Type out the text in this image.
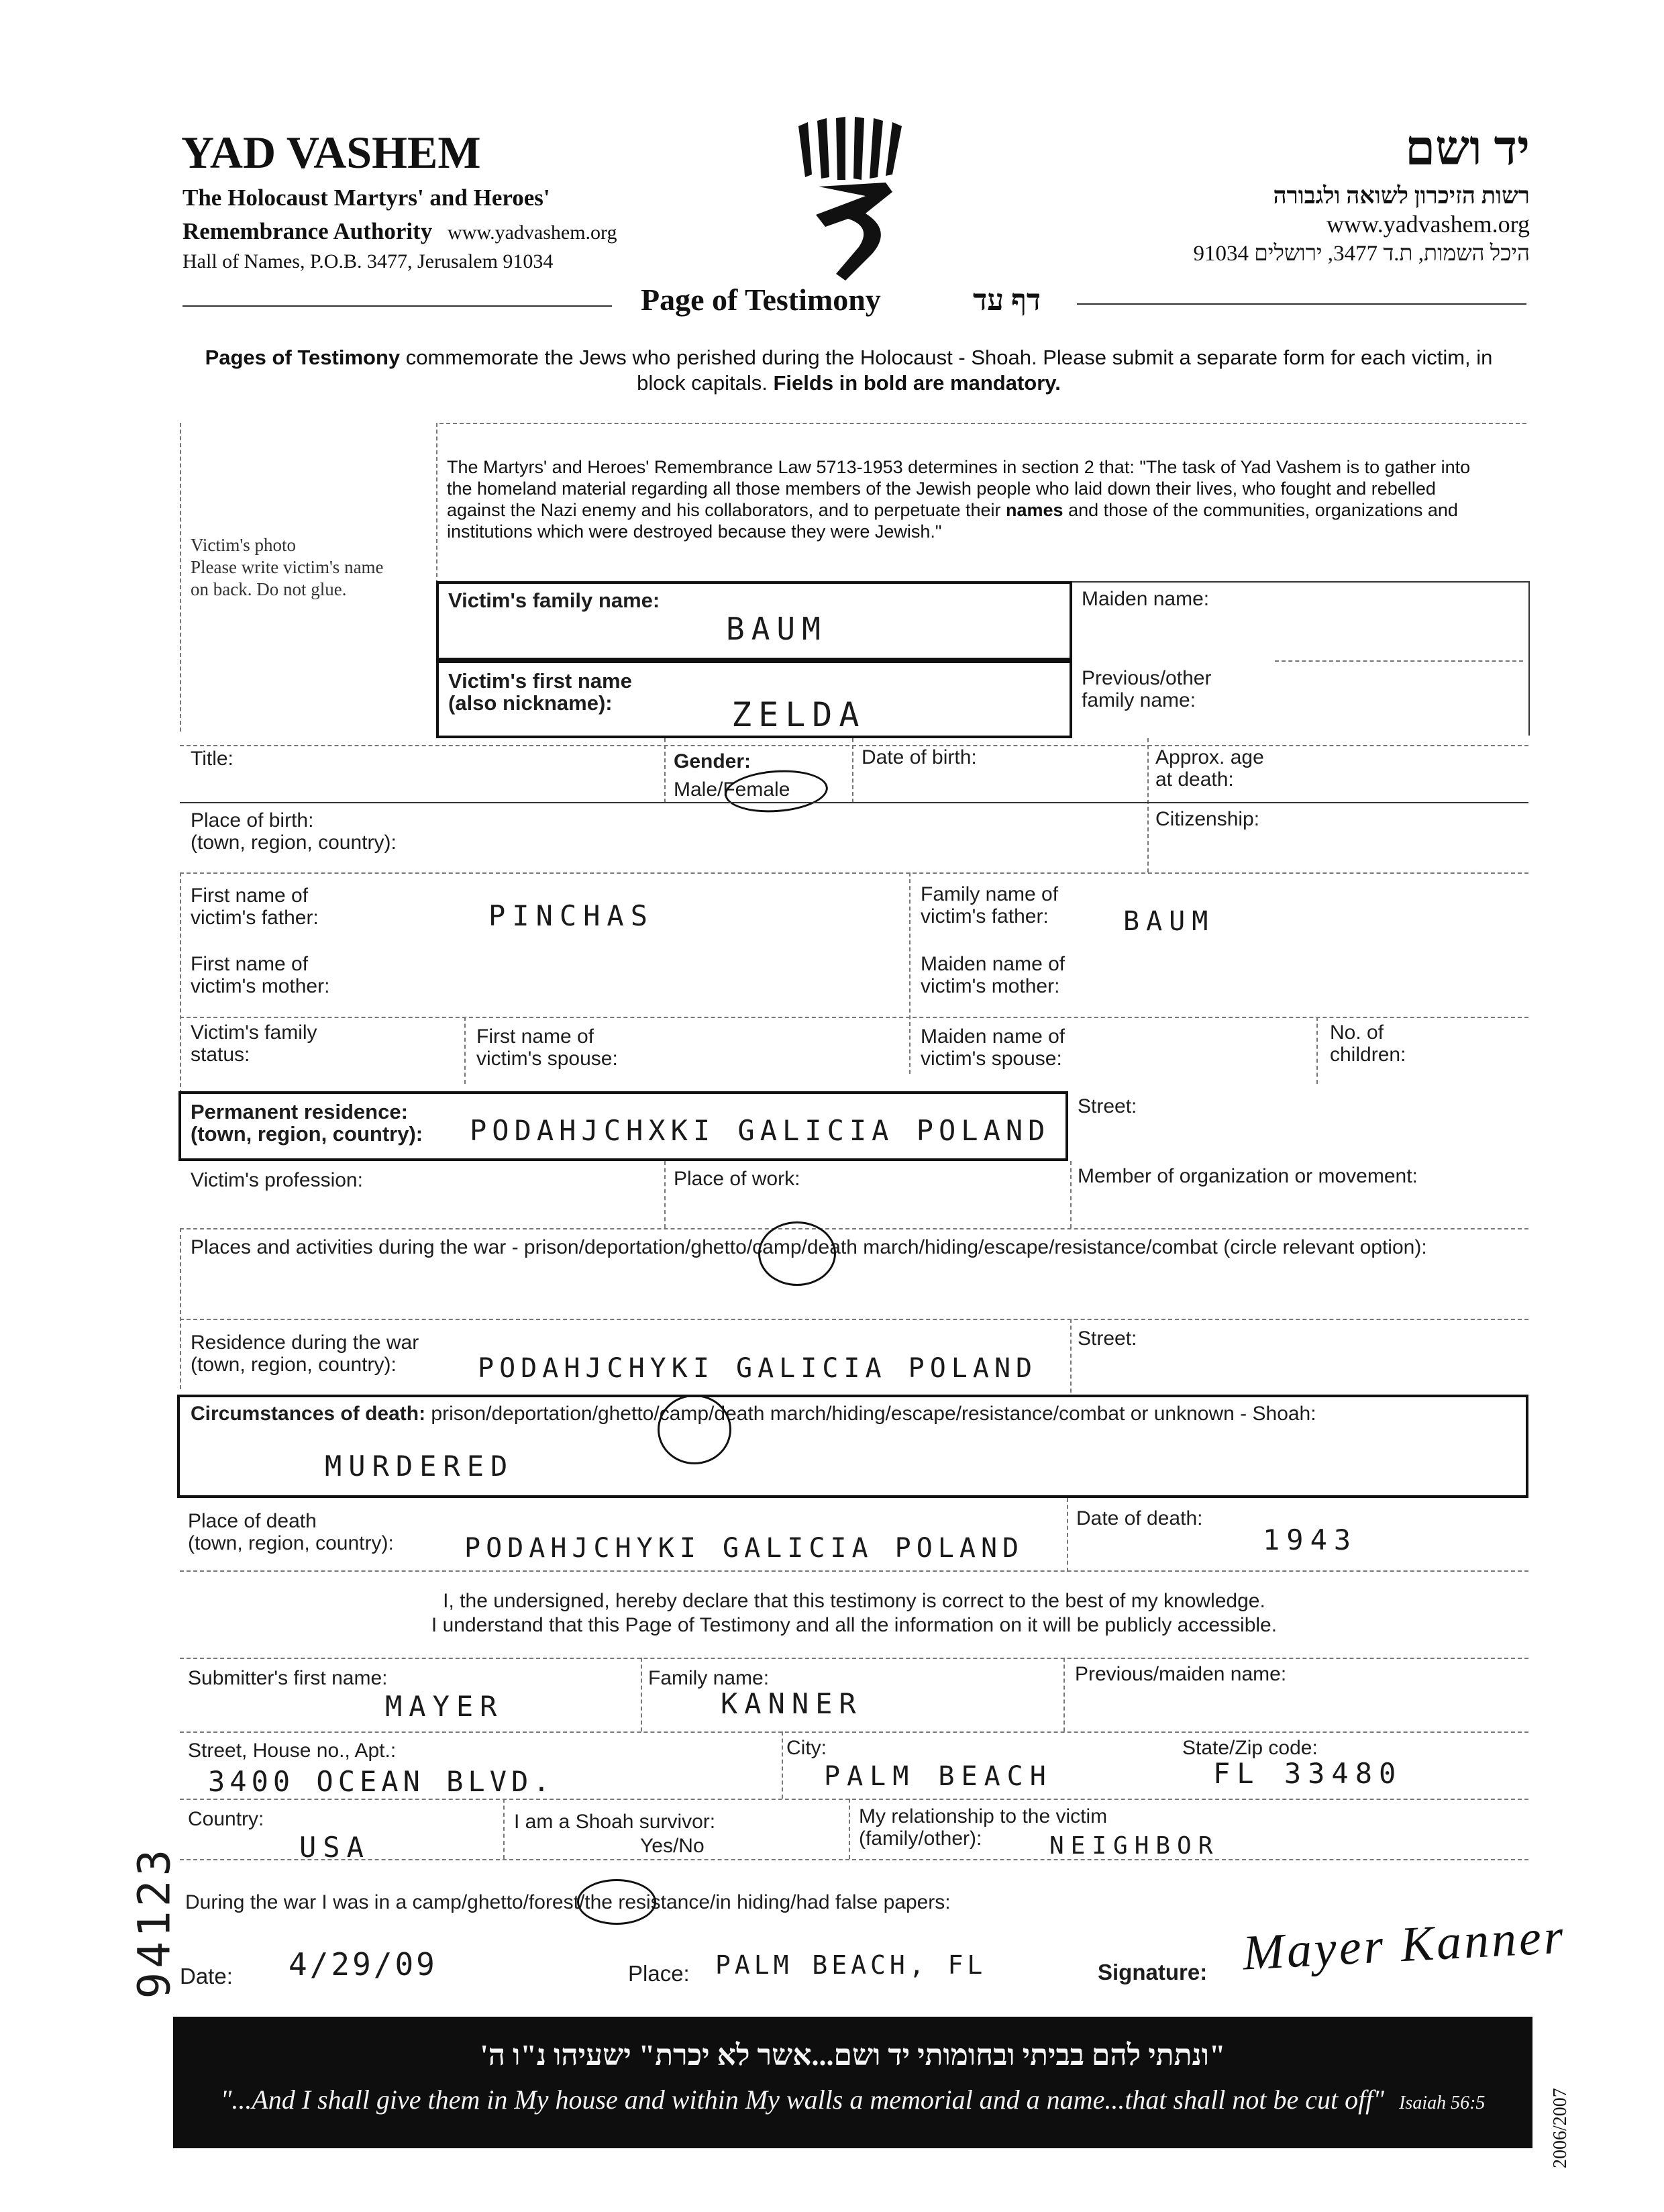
YAD VASHEM
The Holocaust Martyrs' and Heroes'
Remembrance Authority www.yadvashem.org
Hall of Names, P.O.B. 3477, Jerusalem 91034
יד ושם
רשות הזיכרון לשואה ולגבורה
www.yadvashem.org
היכל השמות, ת.ד 3477, ירושלים 91034
Page of Testimony	דף עד
Pages of Testimony commemorate the Jews who perished during the Holocaust - Shoah. Please submit a separate form for each victim, in block capitals. Fields in bold are mandatory.
Victim's photo
Please write victim's name
on back. Do not glue.
The Martyrs' and Heroes' Remembrance Law 5713-1953 determines in section 2 that: "The task of Yad Vashem is to gather into the homeland material regarding all those members of the Jewish people who laid down their lives, who fought and rebelled against the Nazi enemy and his collaborators, and to perpetuate their names and those of the communities, organizations and institutions which were destroyed because they were Jewish."
Victim's family name:
BAUM
Maiden name:
Victim's first name
(also nickname):	ZELDA
Previous/other
family name:
Title:	Gender:
Male/Female
Date of birth:	Approx. age
at death:
Place of birth:
(town, region, country):
Citizenship:
First name of
victim's father:	PINCHAS
Family name of
victim's father:	BAUM
First name of
victim's mother:
Maiden name of
victim's mother:
Victim's family
status:
First name of
victim's spouse:
Maiden name of
victim's spouse:
No. of
children:
Permanent residence:
(town, region, country): PODAHJCHXKI GALICIA POLAND
Street:
Victim's profession:	Place of work:	Member of organization or movement:
Places and activities during the war - prison/deportation/ghetto/camp/death march/hiding/escape/resistance/combat (circle relevant option):
Residence during the war
(town, region, country):	PODAHJCHYKI GALICIA POLAND
Street:
Circumstances of death: prison/deportation/ghetto/camp/death march/hiding/escape/resistance/combat or unknown - Shoah:
MURDERED
Place of death
(town, region, country):	PODAHJCHYKI GALICIA POLAND
Date of death:
1943
I, the undersigned, hereby declare that this testimony is correct to the best of my knowledge.
I understand that this Page of Testimony and all the information on it will be publicly accessible.
Submitter's first name:
MAYER
Family name:
KANNER
Previous/maiden name:
Street, House no., Apt.:
3400 OCEAN BLVD.
City:
PALM BEACH
State/Zip code:
FL 33480
Country:
USA
I am a Shoah survivor:
Yes/No
My relationship to the victim
(family/other):	NEIGHBOR
During the war I was in a camp/ghetto/forest/the resistance/in hiding/had false papers:
Date: 4/29/09	Place: PALM BEACH, FL	Signature: Mayer Kanner
"ונתתי להם בביתי ובחומותי יד ושם...אשר לא יכרת" ישעיהו נ"ו ה'
"...And I shall give them in My house and within My walls a memorial and a name...that shall not be cut off" Isaiah 56:5	2006/2007
94123
